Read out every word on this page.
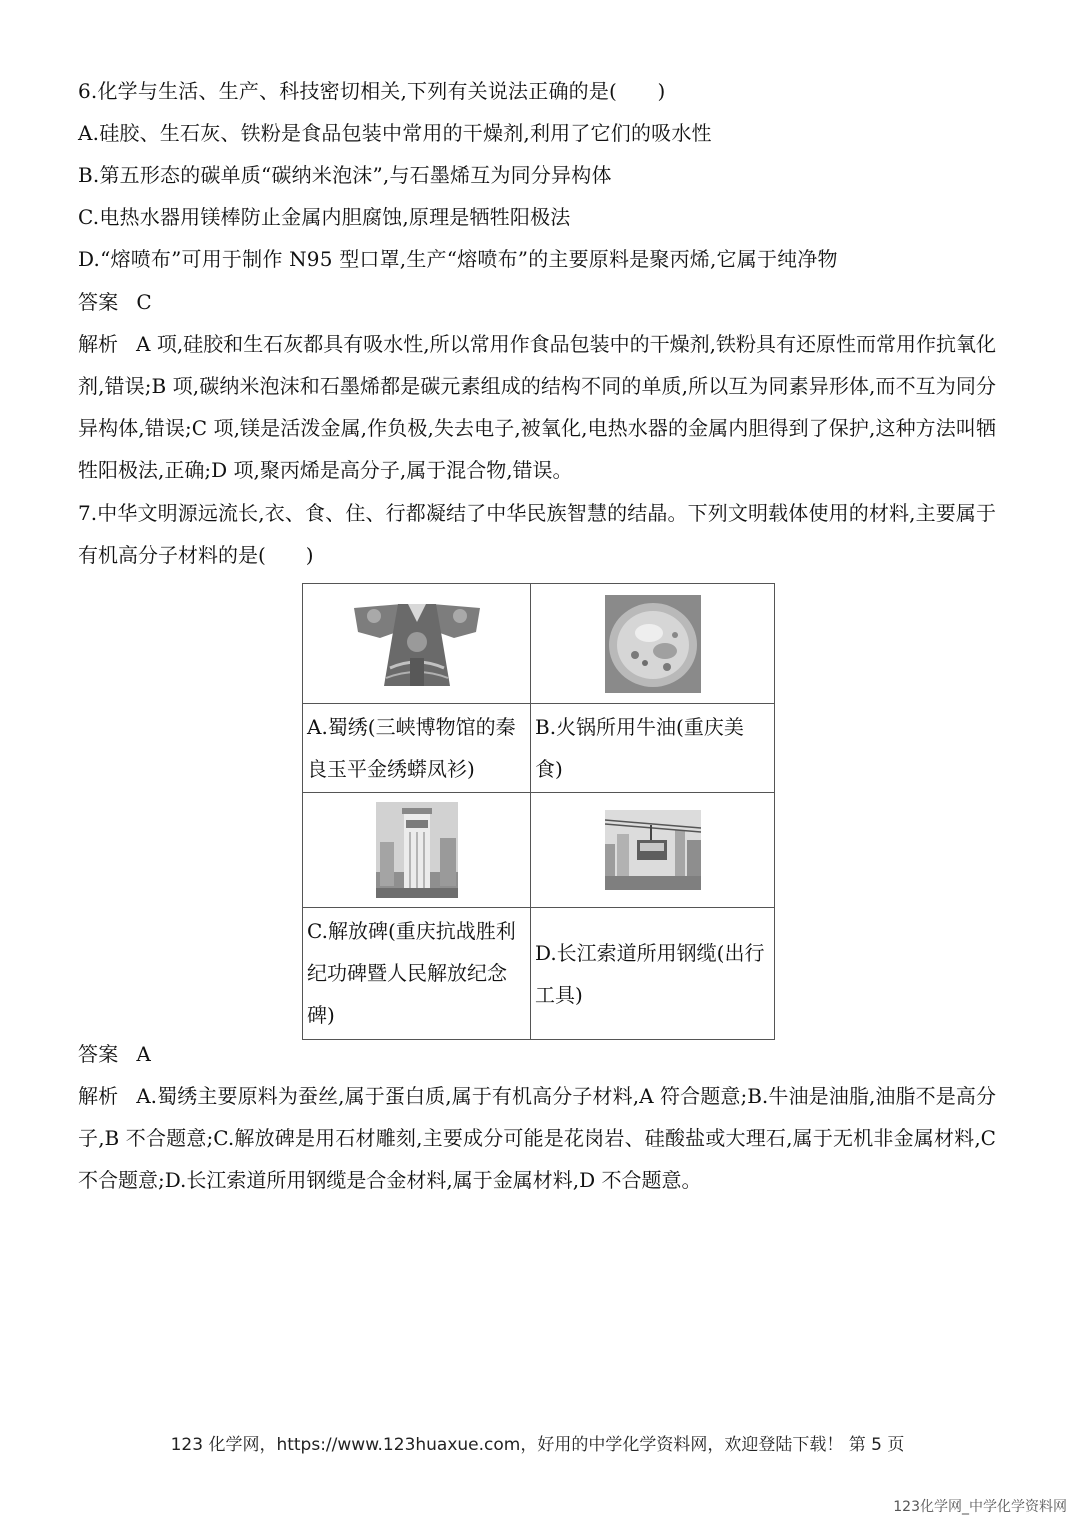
6.化学与生活、生产、科技密切相关,下列有关说法正确的是(　　)
A.硅胶、生石灰、铁粉是食品包装中常用的干燥剂,利用了它们的吸水性
B.第五形态的碳单质“碳纳米泡沫”,与石墨烯互为同分异构体
C.电热水器用镁棒防止金属内胆腐蚀,原理是牺牲阳极法
D.“熔喷布”可用于制作 N95 型口罩,生产“熔喷布”的主要原料是聚丙烯,它属于纯净物
答案 C
解析 A 项,硅胶和生石灰都具有吸水性,所以常用作食品包装中的干燥剂,铁粉具有还原性而常用作抗氧化剂,错误;B 项,碳纳米泡沫和石墨烯都是碳元素组成的结构不同的单质,所以互为同素异形体,而不互为同分异构体,错误;C 项,镁是活泼金属,作负极,失去电子,被氧化,电热水器的金属内胆得到了保护,这种方法叫牺牲阳极法,正确;D 项,聚丙烯是高分子,属于混合物,错误。
7.中华文明源远流长,衣、食、住、行都凝结了中华民族智慧的结晶。下列文明载体使用的材料,主要属于有机高分子材料的是(　　)

A.蜀绣(三峡博物馆的秦良玉平金绣蟒凤衫)	B.火锅所用牛油(重庆美食)

C.解放碑(重庆抗战胜利纪功碑暨人民解放纪念碑)	D.长江索道所用钢缆(出行工具)
答案 A
解析 A.蜀绣主要原料为蚕丝,属于蛋白质,属于有机高分子材料,A 符合题意;B.牛油是油脂,油脂不是高分子,B 不合题意;C.解放碑是用石材雕刻,主要成分可能是花岗岩、硅酸盐或大理石,属于无机非金属材料,C 不合题意;D.长江索道所用钢缆是合金材料,属于金属材料,D 不合题意。
123 化学网，https://www.123huaxue.com，好用的中学化学资料网，欢迎登陆下载！ 第 5 页
123化学网_中学化学资料网
